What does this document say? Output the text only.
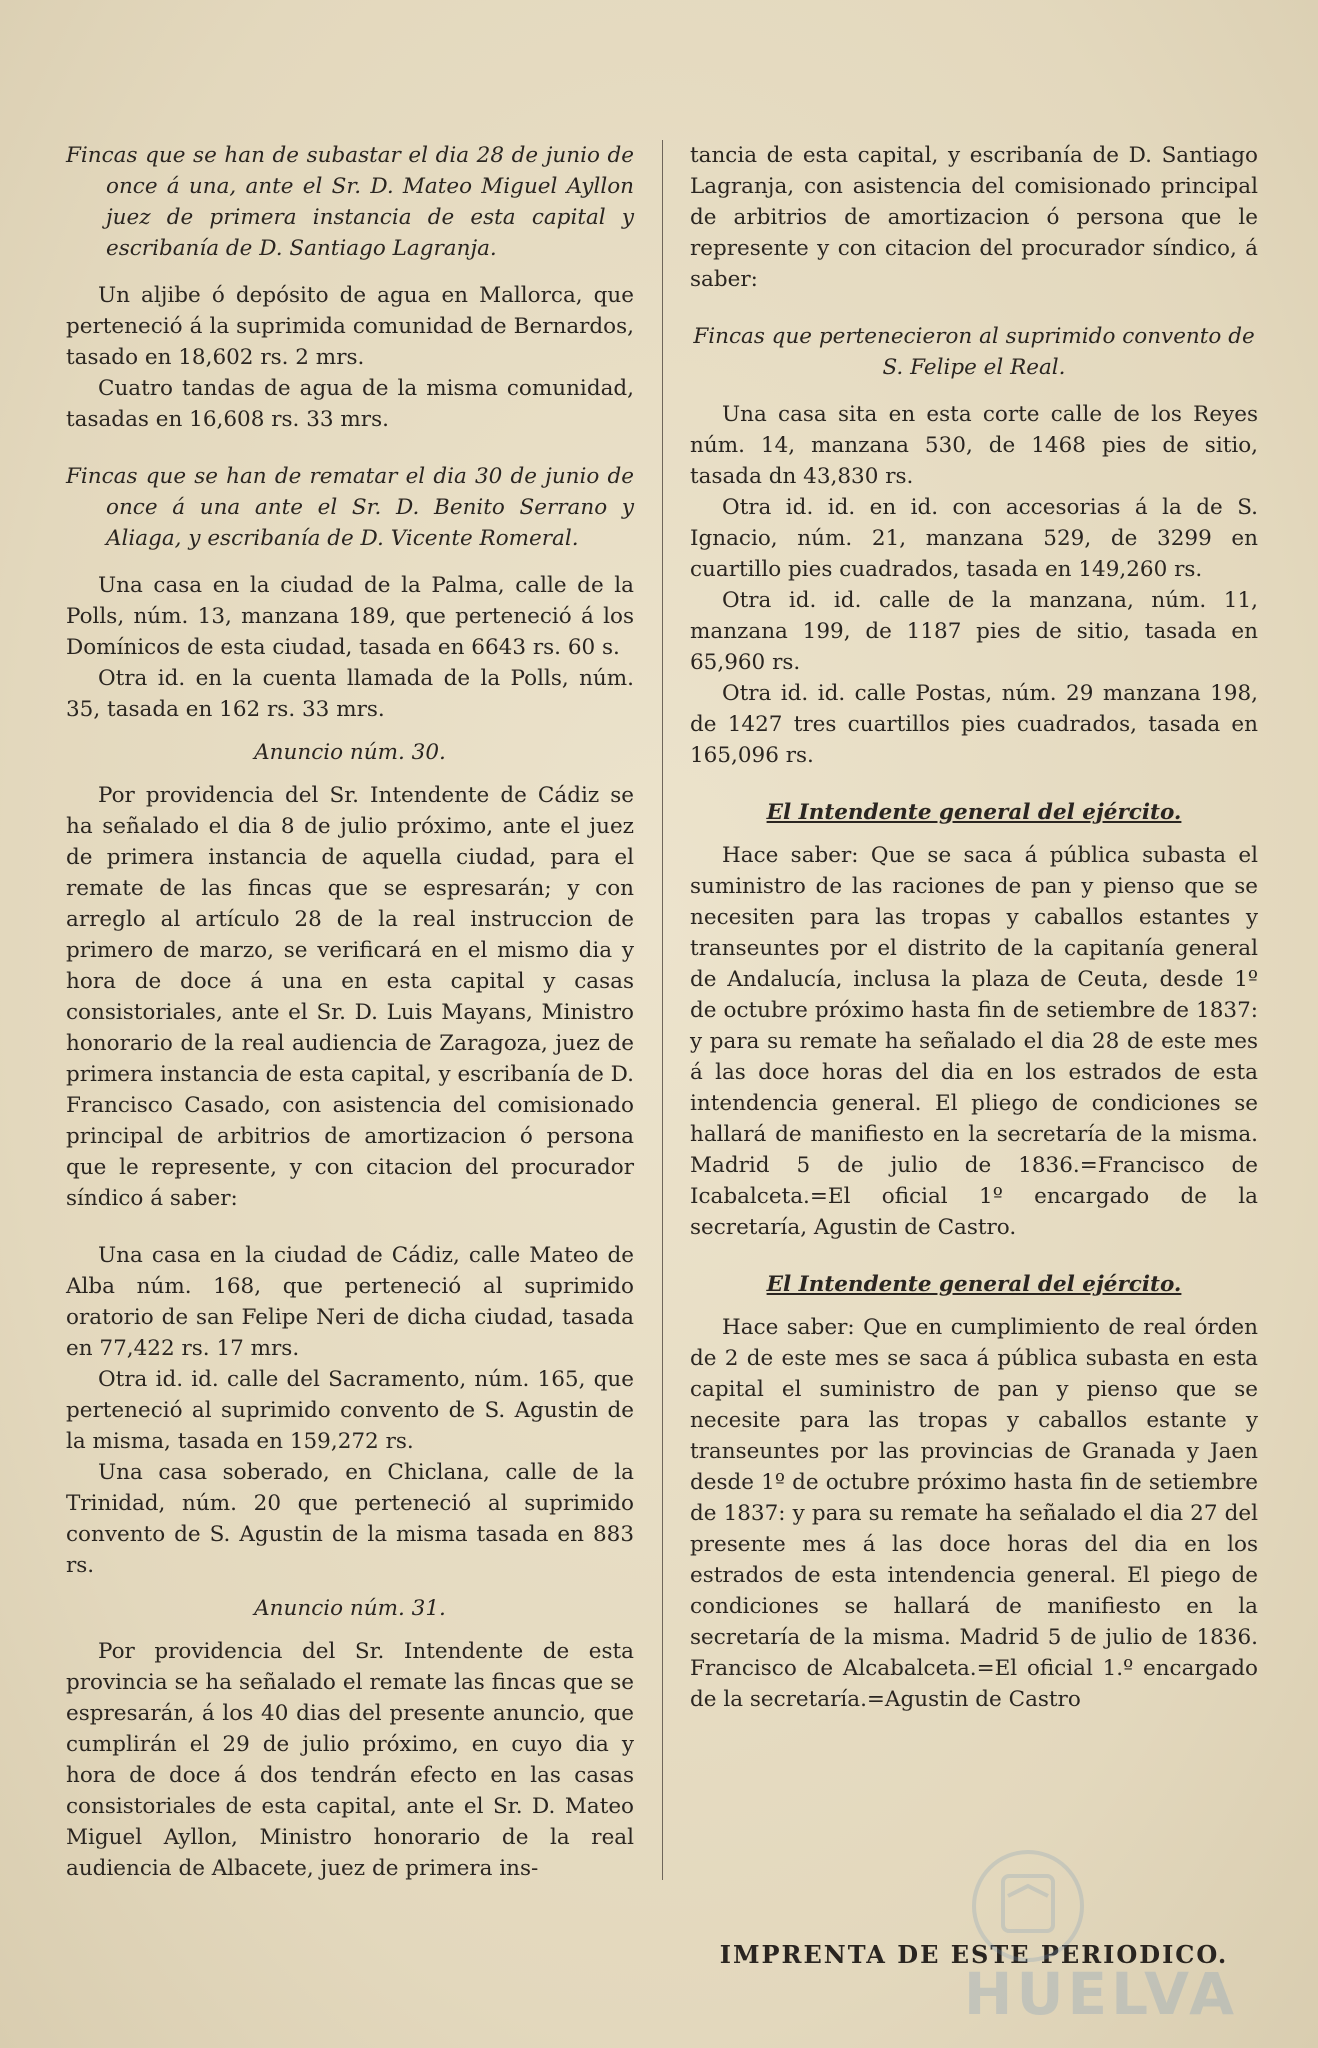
Fincas que se han de subastar el dia 28 de junio de once á una, ante el Sr. D. Mateo Miguel Ayllon juez de primera instancia de esta capital y escribanía de D. Santiago Lagranja.

Un aljibe ó depósito de agua en Mallorca, que perteneció á la suprimida comunidad de Bernardos, tasado en 18,602 rs. 2 mrs.

Cuatro tandas de agua de la misma comunidad, tasadas en 16,608 rs. 33 mrs.

Fincas que se han de rematar el dia 30 de junio de once á una ante el Sr. D. Benito Serrano y Aliaga, y escribanía de D. Vicente Romeral.

Una casa en la ciudad de la Palma, calle de la Polls, núm. 13, manzana 189, que perteneció á los Domínicos de esta ciudad, tasada en 6643 rs. 60 s.

Otra id. en la cuenta llamada de la Polls, núm. 35, tasada en 162 rs. 33 mrs.

Anuncio núm. 30.

Por providencia del Sr. Intendente de Cádiz se ha señalado el dia 8 de julio próximo, ante el juez de primera instancia de aquella ciudad, para el remate de las fincas que se espresarán; y con arreglo al artículo 28 de la real instruccion de primero de marzo, se verificará en el mismo dia y hora de doce á una en esta capital y casas consistoriales, ante el Sr. D. Luis Mayans, Ministro honorario de la real audiencia de Zaragoza, juez de primera instancia de esta capital, y escribanía de D. Francisco Casado, con asistencia del comisionado principal de arbitrios de amortizacion ó persona que le represente, y con citacion del procurador síndico á saber:

Una casa en la ciudad de Cádiz, calle Mateo de Alba núm. 168, que perteneció al suprimido oratorio de san Felipe Neri de dicha ciudad, tasada en 77,422 rs. 17 mrs.

Otra id. id. calle del Sacramento, núm. 165, que perteneció al suprimido convento de S. Agustin de la misma, tasada en 159,272 rs.

Una casa soberado, en Chiclana, calle de la Trinidad, núm. 20 que perteneció al suprimido convento de S. Agustin de la misma tasada en 883 rs.

Anuncio núm. 31.

Por providencia del Sr. Intendente de esta provincia se ha señalado el remate las fincas que se espresarán, á los 40 dias del presente anuncio, que cumplirán el 29 de julio próximo, en cuyo dia y hora de doce á dos tendrán efecto en las casas consistoriales de esta capital, ante el Sr. D. Mateo Miguel Ayllon, Ministro honorario de la real audiencia de Albacete, juez de primera ins-

tancia de esta capital, y escribanía de D. Santiago Lagranja, con asistencia del comisionado principal de arbitrios de amortizacion ó persona que le represente y con citacion del procurador síndico, á saber:

Fincas que pertenecieron al suprimido convento de S. Felipe el Real.

Una casa sita en esta corte calle de los Reyes núm. 14, manzana 530, de 1468 pies de sitio, tasada dn 43,830 rs.

Otra id. id. en id. con accesorias á la de S. Ignacio, núm. 21, manzana 529, de 3299 en cuartillo pies cuadrados, tasada en 149,260 rs.

Otra id. id. calle de la manzana, núm. 11, manzana 199, de 1187 pies de sitio, tasada en 65,960 rs.

Otra id. id. calle Postas, núm. 29 manzana 198, de 1427 tres cuartillos pies cuadrados, tasada en 165,096 rs.

El Intendente general del ejército.

Hace saber: Que se saca á pública subasta el suministro de las raciones de pan y pienso que se necesiten para las tropas y caballos estantes y transeuntes por el distrito de la capitanía general de Andalucía, inclusa la plaza de Ceuta, desde 1º de octubre próximo hasta fin de setiembre de 1837: y para su remate ha señalado el dia 28 de este mes á las doce horas del dia en los estrados de esta intendencia general. El pliego de condiciones se hallará de manifiesto en la secretaría de la misma. Madrid 5 de julio de 1836.=Francisco de Icabalceta.=El oficial 1º encargado de la secretaría, Agustin de Castro.

El Intendente general del ejército.

Hace saber: Que en cumplimiento de real órden de 2 de este mes se saca á pública subasta en esta capital el suministro de pan y pienso que se necesite para las tropas y caballos estante y transeuntes por las provincias de Granada y Jaen desde 1º de octubre próximo hasta fin de setiembre de 1837: y para su remate ha señalado el dia 27 del presente mes á las doce horas del dia en los estrados de esta intendencia general. El piego de condiciones se hallará de manifiesto en la secretaría de la misma. Madrid 5 de julio de 1836. Francisco de Alcabalceta.=El oficial 1.º encargado de la secretaría.=Agustin de Castro

IMPRENTA DE ESTE PERIODICO.
HUELVA
